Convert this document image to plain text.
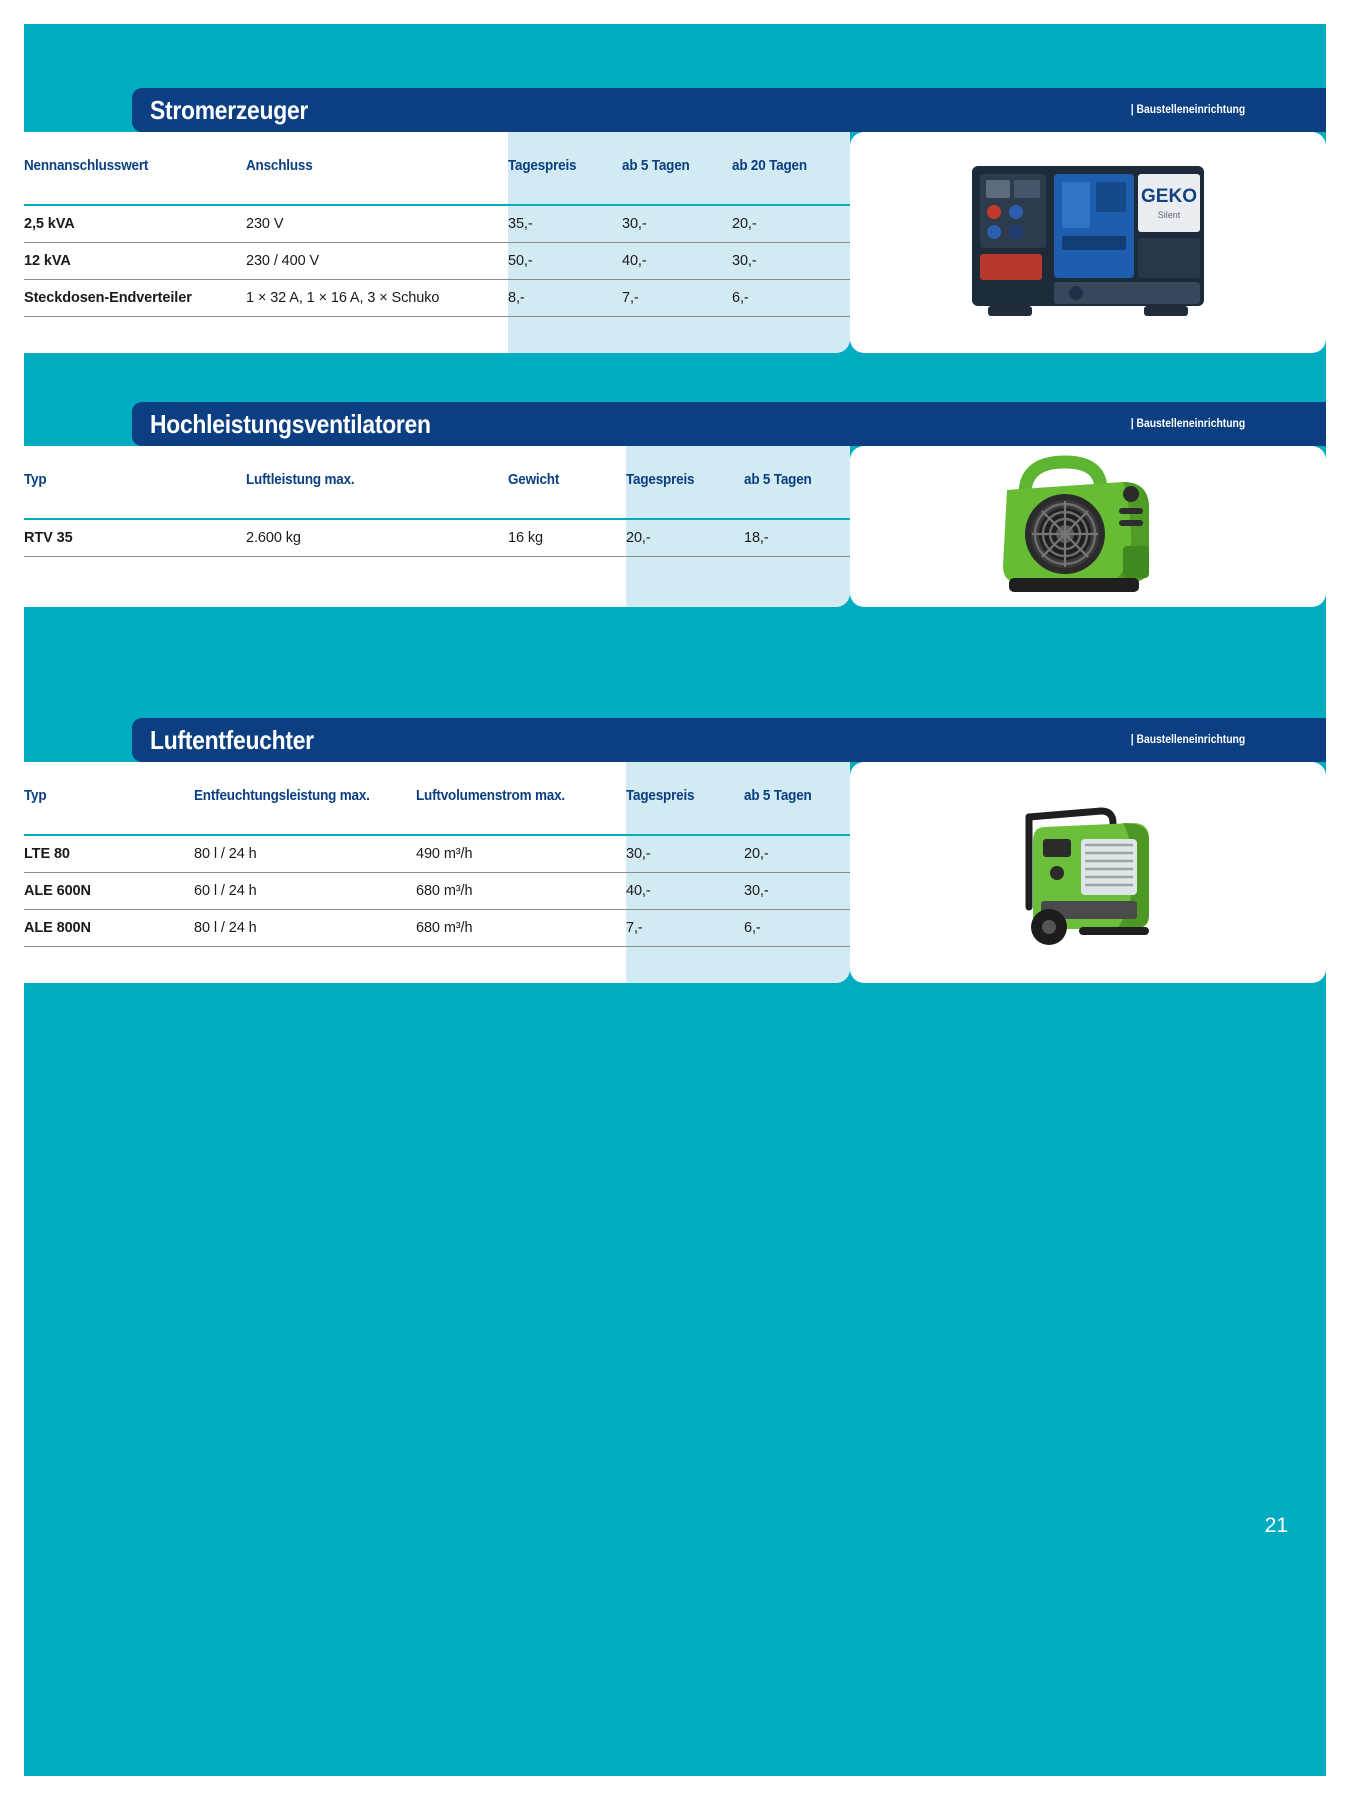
Stromerzeuger	| Baustelleneinrichtung
Nennanschlusswert	Anschluss	Tagespreis	ab 5 Tagen	ab 20 Tagen
2,5 kVA	230 V	35,-	30,-	20,-
12 kVA	230 / 400 V	50,-	40,-	30,-
Steckdosen-Endverteiler	1 × 32 A, 1 × 16 A, 3 × Schuko	8,-	7,-	6,-

GEKO
Silent
Hochleistungsventilatoren	| Baustelleneinrichtung
Typ	Luftleistung max.	Gewicht	Tagespreis	ab 5 Tagen
RTV 35	2.600 kg	16 kg	20,-	18,-

Luftentfeuchter	| Baustelleneinrichtung
Typ	Entfeuchtungsleistung max.	Luftvolumenstrom max.	Tagespreis	ab 5 Tagen
LTE 80	80 l / 24 h	490 m³/h	30,-	20,-
ALE 600N	60 l / 24 h	680 m³/h	40,-	30,-
ALE 800N	80 l / 24 h	680 m³/h	7,-	6,-

21
